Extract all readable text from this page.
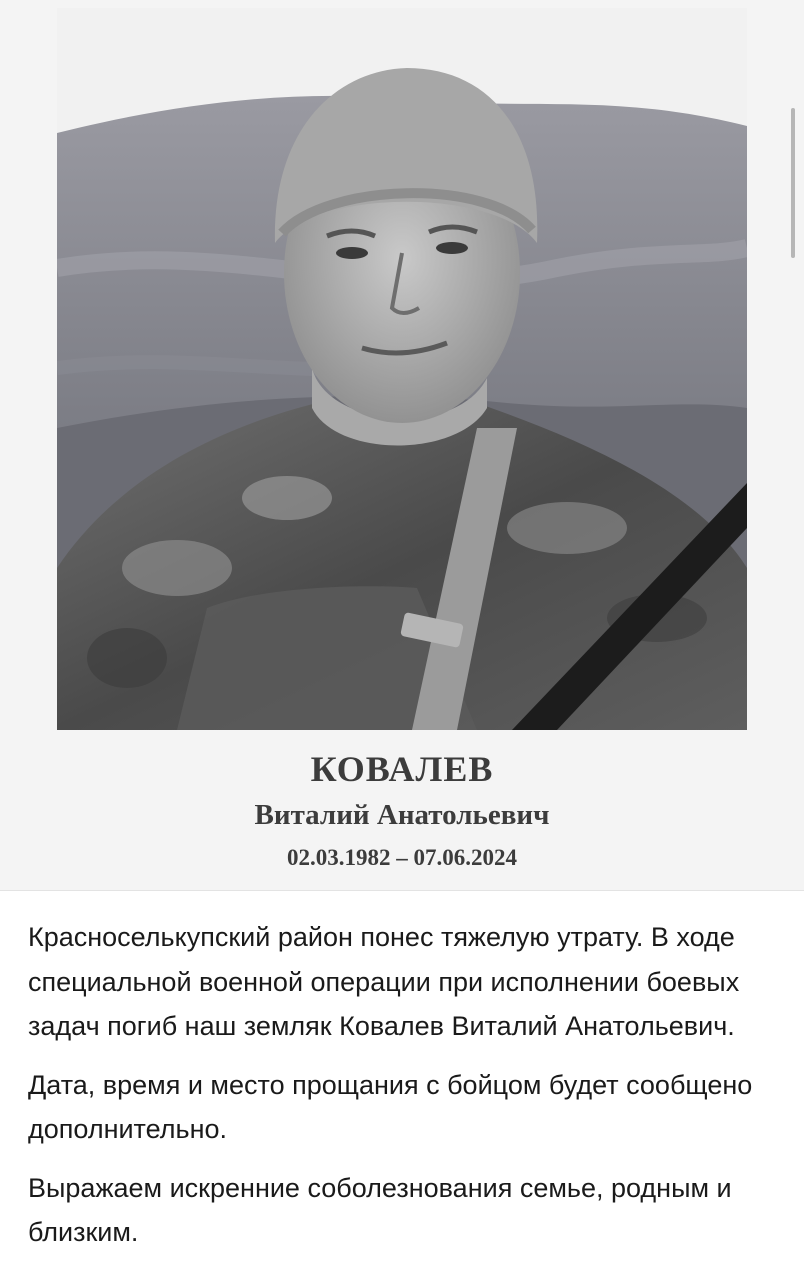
КОВАЛЕВ
Виталий Анатольевич
02.03.1982 – 07.06.2024

Красноселькупский район понес тяжелую утрату. В ходе специальной военной операции при исполнении боевых задач погиб наш земляк Ковалев Виталий Анатольевич.

Дата, время и место прощания с бойцом будет сообщено дополнительно.

Выражаем искренние соболезнования семье, родным и близким.
